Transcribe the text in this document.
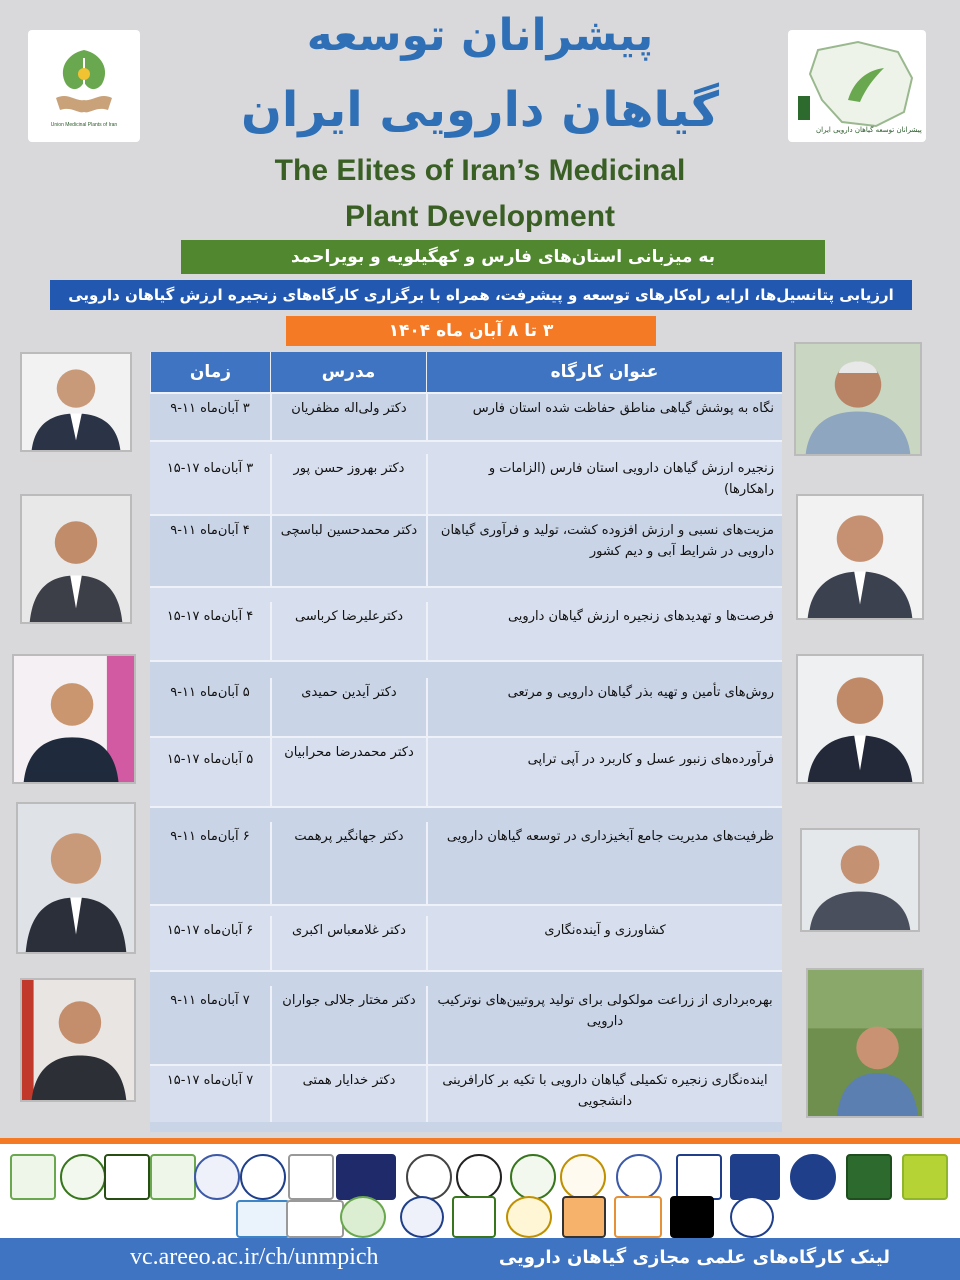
Union Medicinal Plants of Iran
پیشرانان توسعه گیاهان دارویی ایران
پیشرانان توسعه
گیاهان دارویی ایران
The Elites of Iran’s Medicinal
Plant Development
به میزبانی استان‌های فارس و کهگیلویه و بویراحمد
ارزیابی پتانسیل‌ها، ارایه راه‌کارهای توسعه و پیشرفت، همراه با برگزاری کارگاه‌های زنجیره ارزش گیاهان دارویی
۳ تا ۸ آبان ماه ۱۴۰۴
عنوان کارگاه
مدرس
زمان
نگاه به پوشش گیاهی مناطق حفاظت شده استان فارس
دکتر ولی‌اله مظفریان
۳ آبان‌ماه ۱۱-۹
زنجیره ارزش گیاهان دارویی استان فارس (الزامات و راهکارها)
دکتر بهروز حسن پور
۳ آبان‌ماه ۱۷-۱۵
مزیت‌های نسبی و ارزش افزوده کشت، تولید و فرآوری گیاهان دارویی در شرایط آبی و دیم کشور
دکتر محمدحسین لباسچی
۴ آبان‌ماه ۱۱-۹
فرصت‌ها و تهدیدهای زنجیره ارزش گیاهان دارویی
دکترعلیرضا کرباسی
۴ آبان‌ماه ۱۷-۱۵
روش‌های تأمین و تهیه بذر گیاهان دارویی و مرتعی
دکتر آیدین حمیدی
۵ آبان‌ماه ۱۱-۹
فرآورده‌های زنبور عسل و کاربرد در آپی تراپی
دکتر محمدرضا محرابیان
۵ آبان‌ماه ۱۷-۱۵
ظرفیت‌های مدیریت جامع آبخیزداری در توسعه گیاهان دارویی
دکتر جهانگیر پرهمت
۶ آبان‌ماه ۱۱-۹
کشاورزی و آینده‌نگاری
دکتر غلامعباس اکبری
۶ آبان‌ماه ۱۷-۱۵
بهره‌برداری از زراعت مولکولی برای تولید پروتیین‌های نوترکیب دارویی
دکتر مختار جلالی جواران
۷ آبان‌ماه ۱۱-۹
اینده‌نگاری زنجیره تکمیلی گیاهان دارویی با تکیه بر کارافرینی دانشجویی
دکتر خدایار همتی
۷ آبان‌ماه ۱۷-۱۵
vc.areeo.ac.ir/ch/unmpich	لینک کارگاه‌های علمی مجازی گیاهان دارویی
